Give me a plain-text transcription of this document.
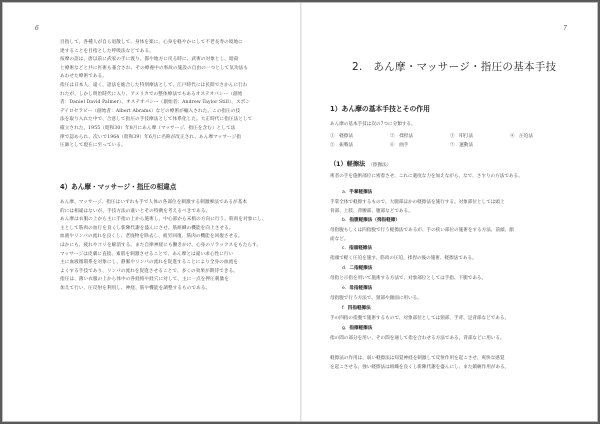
6

目指して、各種人が自ら退散して、身体を楽に、心身を軽やかにして不老長寿の境地に
達することを目指とした呼吸法などである。

按摩の語は、唐以前に武家の手に渡り、都や地方に戻る時に、武術の対象とし、暗殺
と療術などと共に医術も兼合され、その療養中の事故の施設の自由の一つとして気功法も
あわせた療術である。

指圧は日本人、遠く、語法を総合した特別療法として、江戸時代には民間でさかんに行わ
れたが、しかし明治時代に入り、アメリカでの整体療法でもあるオステオパシー（創始
者：Daniel David Palmer）、オステオパシー（創始者：Andrew Taylor Still）、スポン
デイロセラピー（創始者：Albert Abrams）などの療術が輸入された。この指圧の技
法を取り入れた中で、合意して指圧の手技療法として体系化した。大正時代に指圧法として
確立された。1955（昭和30）年8月にあん摩（マッサージ、指圧を含む）として法
律で認められ、次いで1964（昭和39）年6月に名称が改正され、あん摩マッサージ指
圧師として現在に至っている。

4）あん摩・マッサージ・指圧の相違点

あん摩、マッサージ、指圧はいずれも手で人体の各部位を刺激する刺激療法であるが基本
的には相違はないが、手技方法の違いとその特徴を考えるべきである。

あん摩は衣服の上から主に手指の上から施術し、中心部から末梢の方向に行う。筋肉を対象にし、
主として筋肉の血行を良くし新陳代謝を盛んにさせ、筋組織の機能を向上させる。
血液やリンパの流れを良くし、老廃物を除去し、疲労回復、筋肉の機能を回復させる。
ほかにも、疲れやコリを解消する。また自律神経にも働きかけ、心身のリラックスをもたらす。

マッサージは皮膚に直接、素肌を刺激させることで、あん摩とは違い求心性に行い
主に血液循環系を対象にし、静脈やリンパの流れを促進することにより全身の血流を
よくする手技であり、リンパの流れを促進させることで、多くの効果が期待できる。

指圧は、薄い衣服の上から体中の各経絡や経穴に対して、主に一点を押圧刺激を
加えて行い、圧反射を利用し、神経、筋や機能を調整するものである。

7
2.　あん摩・マッサージ・指圧の基本手技
1）あん摩の基本手技とその作用
あん摩の基本手技は次の7つに分類する。
①　軽擦法	②　揉捏法	③　叩打法	④　圧迫法
⑤　振戦法	⑥　曲手	⑦　運動法
（1）軽擦法 （擦撫法）
術者の手を施術部位に密着させ、これに適度な力を加えながら、なで、さすりの方法である。
a. 手掌軽擦法
手掌全体で軽擦するもので、大腿部ほかの軽擦法を施行する。対象部位としては頭上
背部、上肢、背腰部、腹部などである。
b. 指腹軽擦法（拇指軽擦）
母指腹もしくは四指腹で行う軽擦法であるが、手の狭い部位の施術をする方法、前頭、顔
面など。
c. 指頭軽擦法
指頭で軽く圧迫を施す。筋肉の圧迫、揉捏の後の施術、軽擦法である。
d. 二指軽擦法
母指と示指を用いて施術する方法で、対象部位としては手指、下腿である。
e. 母指軽擦法
母指腹で行う方法で、頸部や顔面に用いる。
f. 四指軽擦法
手の四指の指腹で施術するもので、対象部位としては頸部、手背、足背部などである。
g. 指擦軽擦法
指の間の部分を用い、その間を通して指を合わせる方法である。背部などに用いる。
軽擦法の作用は、弱い軽擦法は知覚神経を刺激して反射作用を起こさせ、爽快な感覚
を起こさせる。強い軽擦法は組織を良くし新陳代謝を盛んにし、また鎮痛作用がある。
